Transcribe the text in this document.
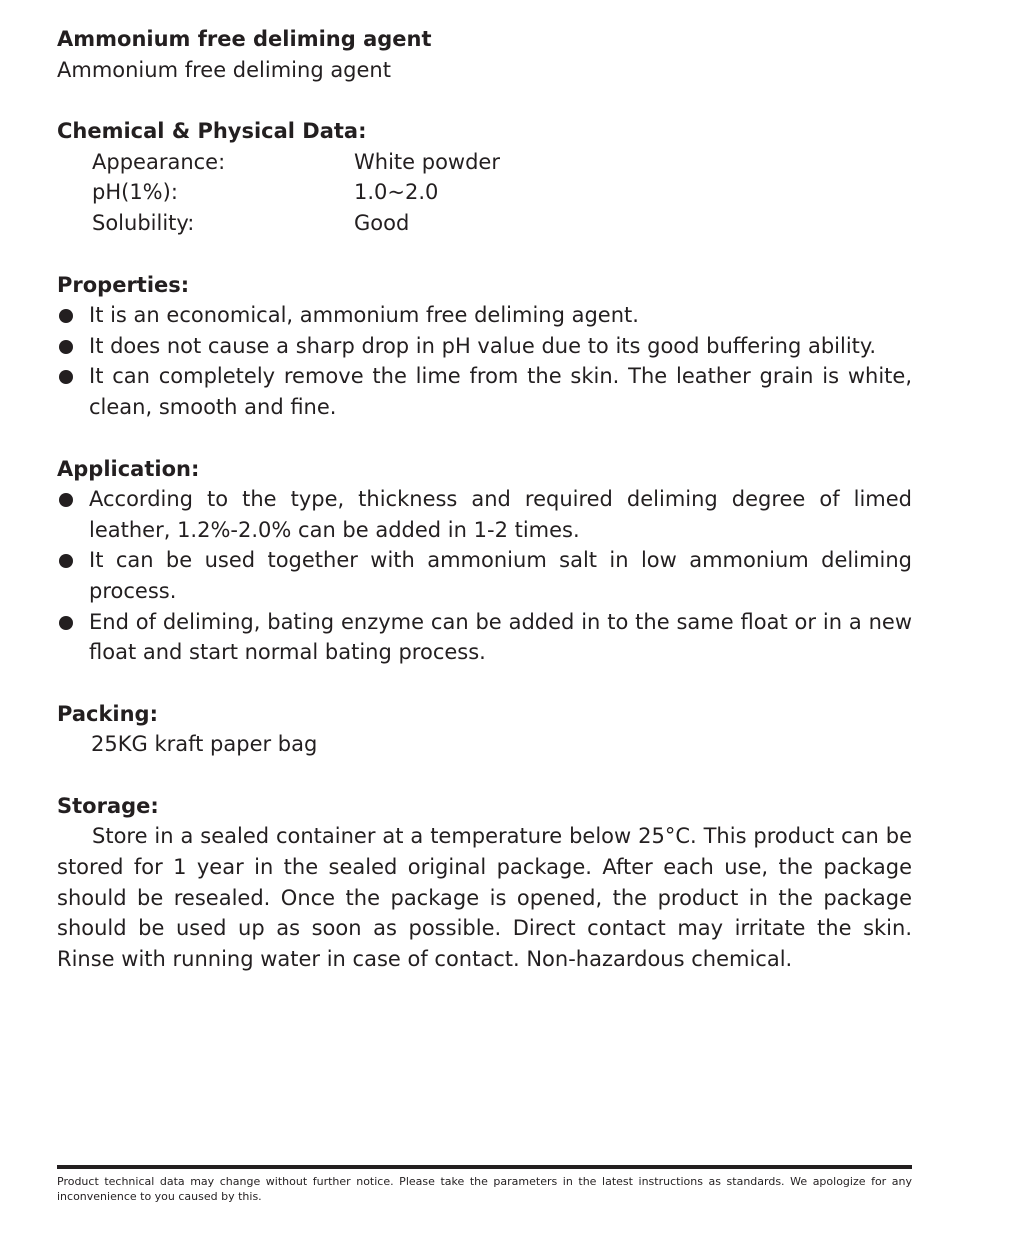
Ammonium free deliming agent
Ammonium free deliming agent
Chemical & Physical Data:
Appearance:	White powder
pH(1%):	1.0~2.0
Solubility:	Good
Properties:
It is an economical, ammonium free deliming agent.
It does not cause a sharp drop in pH value due to its good buffering ability.
It can completely remove the lime from the skin. The leather grain is white, clean, smooth and fine.
Application:
According to the type, thickness and required deliming degree of limed leather, 1.2%-2.0% can be added in 1-2 times.
It can be used together with ammonium salt in low ammonium deliming process.
End of deliming, bating enzyme can be added in to the same float or in a new float and start normal bating process.
Packing:
25KG kraft paper bag
Storage:
Store in a sealed container at a temperature below 25°C. This product can be stored for 1 year in the sealed original package. After each use, the package should be resealed. Once the package is opened, the product in the package should be used up as soon as possible. Direct contact may irritate the skin. Rinse with running water in case of contact. Non-hazardous chemical.
Product technical data may change without further notice. Please take the parameters in the latest instructions as standards. We apologize for any inconvenience to you caused by this.
